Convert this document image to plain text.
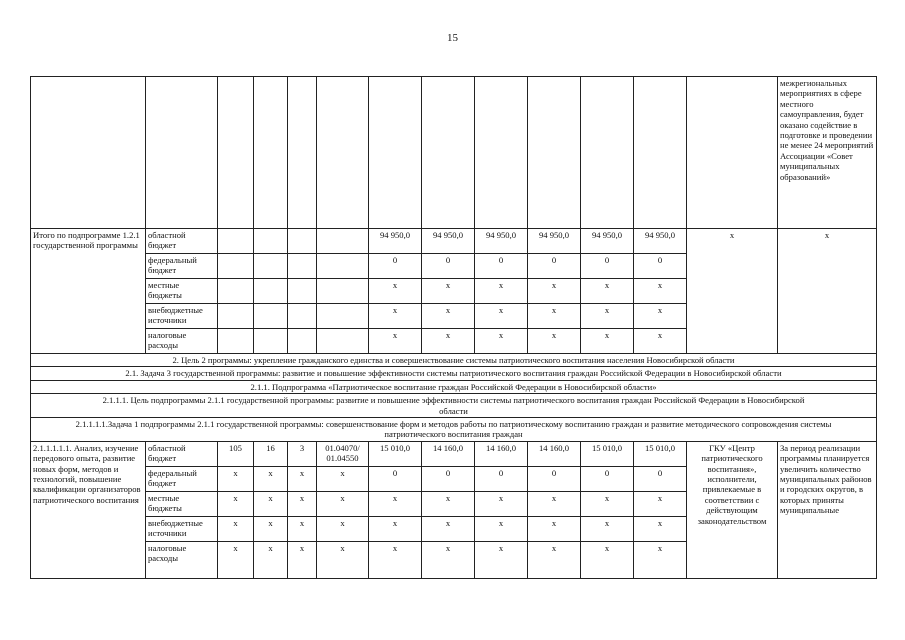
15
													межрегиональных мероприятиях в сфере местного самоуправления, будет оказано содействие в подготовке и проведении не менее 24 мероприятий Ассоциации «Совет муниципальных образований»
Итого по подпрограмме 1.2.1 государственной программы	областной бюджет					94 950,0	94 950,0	94 950,0	94 950,0	94 950,0	94 950,0	x	x
	федеральный бюджет					0	0	0	0	0	0		
	местные бюджеты					x	x	x	x	x	x		
	внебюджетные источники					x	x	x	x	x	x		
	налоговые расходы					x	x	x	x	x	x		
2. Цель 2 программы: укрепление гражданского единства и совершенствование системы патриотического воспитания населения Новосибирской области													
2.1. Задача 3 государственной программы: развитие и повышение эффективности системы патриотического воспитания граждан Российской Федерации в Новосибирской области													
2.1.1. Подпрограмма «Патриотическое воспитание граждан Российской Федерации в Новосибирской области»													
2.1.1.1. Цель подпрограммы 2.1.1 государственной программы: развитие и повышение эффективности системы патриотического воспитания граждан Российской Федерации в Новосибирской области													
2.1.1.1.1.Задача 1 подпрограммы 2.1.1 государственной программы: совершенствование форм и методов работы по патриотическому воспитанию граждан и развитие методического сопровождения системы патриотического воспитания граждан													
2.1.1.1.1.1. Анализ, изучение передового опыта, развитие новых форм, методов и технологий, повышение квалификации организаторов патриотического воспитания	областной бюджет	105	16	3	01.04070/ 01.04550	15 010,0	14 160,0	14 160,0	14 160,0	15 010,0	15 010,0	ГКУ «Центр патриотического воспитания», исполнители, привлекаемые в соответствии с действующим законодательством	За период реализации программы планируется увеличить количество муниципальных районов и городских округов, в которых приняты муниципальные
	федеральный бюджет	x	x	x	x	0	0	0	0	0	0		
	местные бюджеты	x	x	x	x	x	x	x	x	x	x		
	внебюджетные источники	x	x	x	x	x	x	x	x	x	x		
	налоговые расходы	x	x	x	x	x	x	x	x	x	x		
